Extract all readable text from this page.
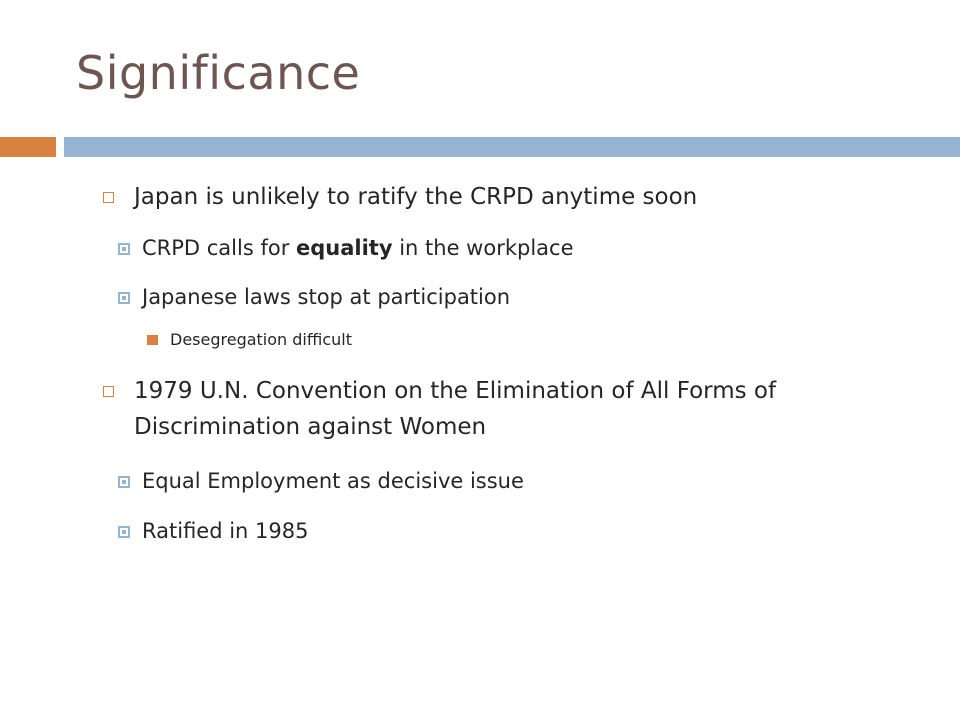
Significance
Japan is unlikely to ratify the CRPD anytime soon
CRPD calls for equality in the workplace
Japanese laws stop at participation
Desegregation difficult
1979 U.N. Convention on the Elimination of All Forms of
Discrimination against Women
Equal Employment as decisive issue
Ratified in 1985
